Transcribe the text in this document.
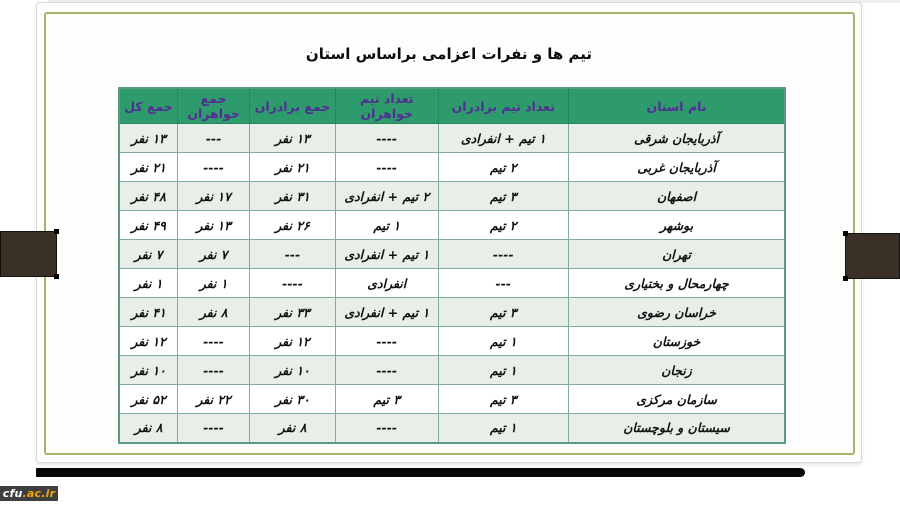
تیم ها و نفرات اعزامی براساس استان
نام استان	تعداد تیم برادران	تعداد تیم خواهران	جمع برادران	جمع خواهران	جمع کل
آذربایجان شرقی	۱ تیم + انفرادی	----	۱۳ نفر	---	۱۳ نفر
آذربایجان غربی	۲ تیم	----	۲۱ نفر	----	۲۱ نفر
اصفهان	۳ تیم	۲ تیم + انفرادی	۳۱ نفر	۱۷ نفر	۴۸ نفر
بوشهر	۲ تیم	۱ تیم	۲۶ نفر	۱۳ نفر	۴۹ نفر
تهران	----	۱ تیم + انفرادی	---	۷ نفر	۷ نفر
چهارمحال و بختیاری	---	انفرادی	----	۱ نفر	۱ نفر
خراسان رضوی	۳ تیم	۱ تیم + انفرادی	۳۳ نفر	۸ نفر	۴۱ نفر
خوزستان	۱ تیم	----	۱۲ نفر	----	۱۲ نفر
زنجان	۱ تیم	----	۱۰ نفر	----	۱۰ نفر
سازمان مرکزی	۳ تیم	۳ تیم	۳۰ نفر	۲۲ نفر	۵۲ نفر
سیستان و بلوچستان	۱ تیم	----	۸ نفر	----	۸ نفر
cfu.ac.ir
